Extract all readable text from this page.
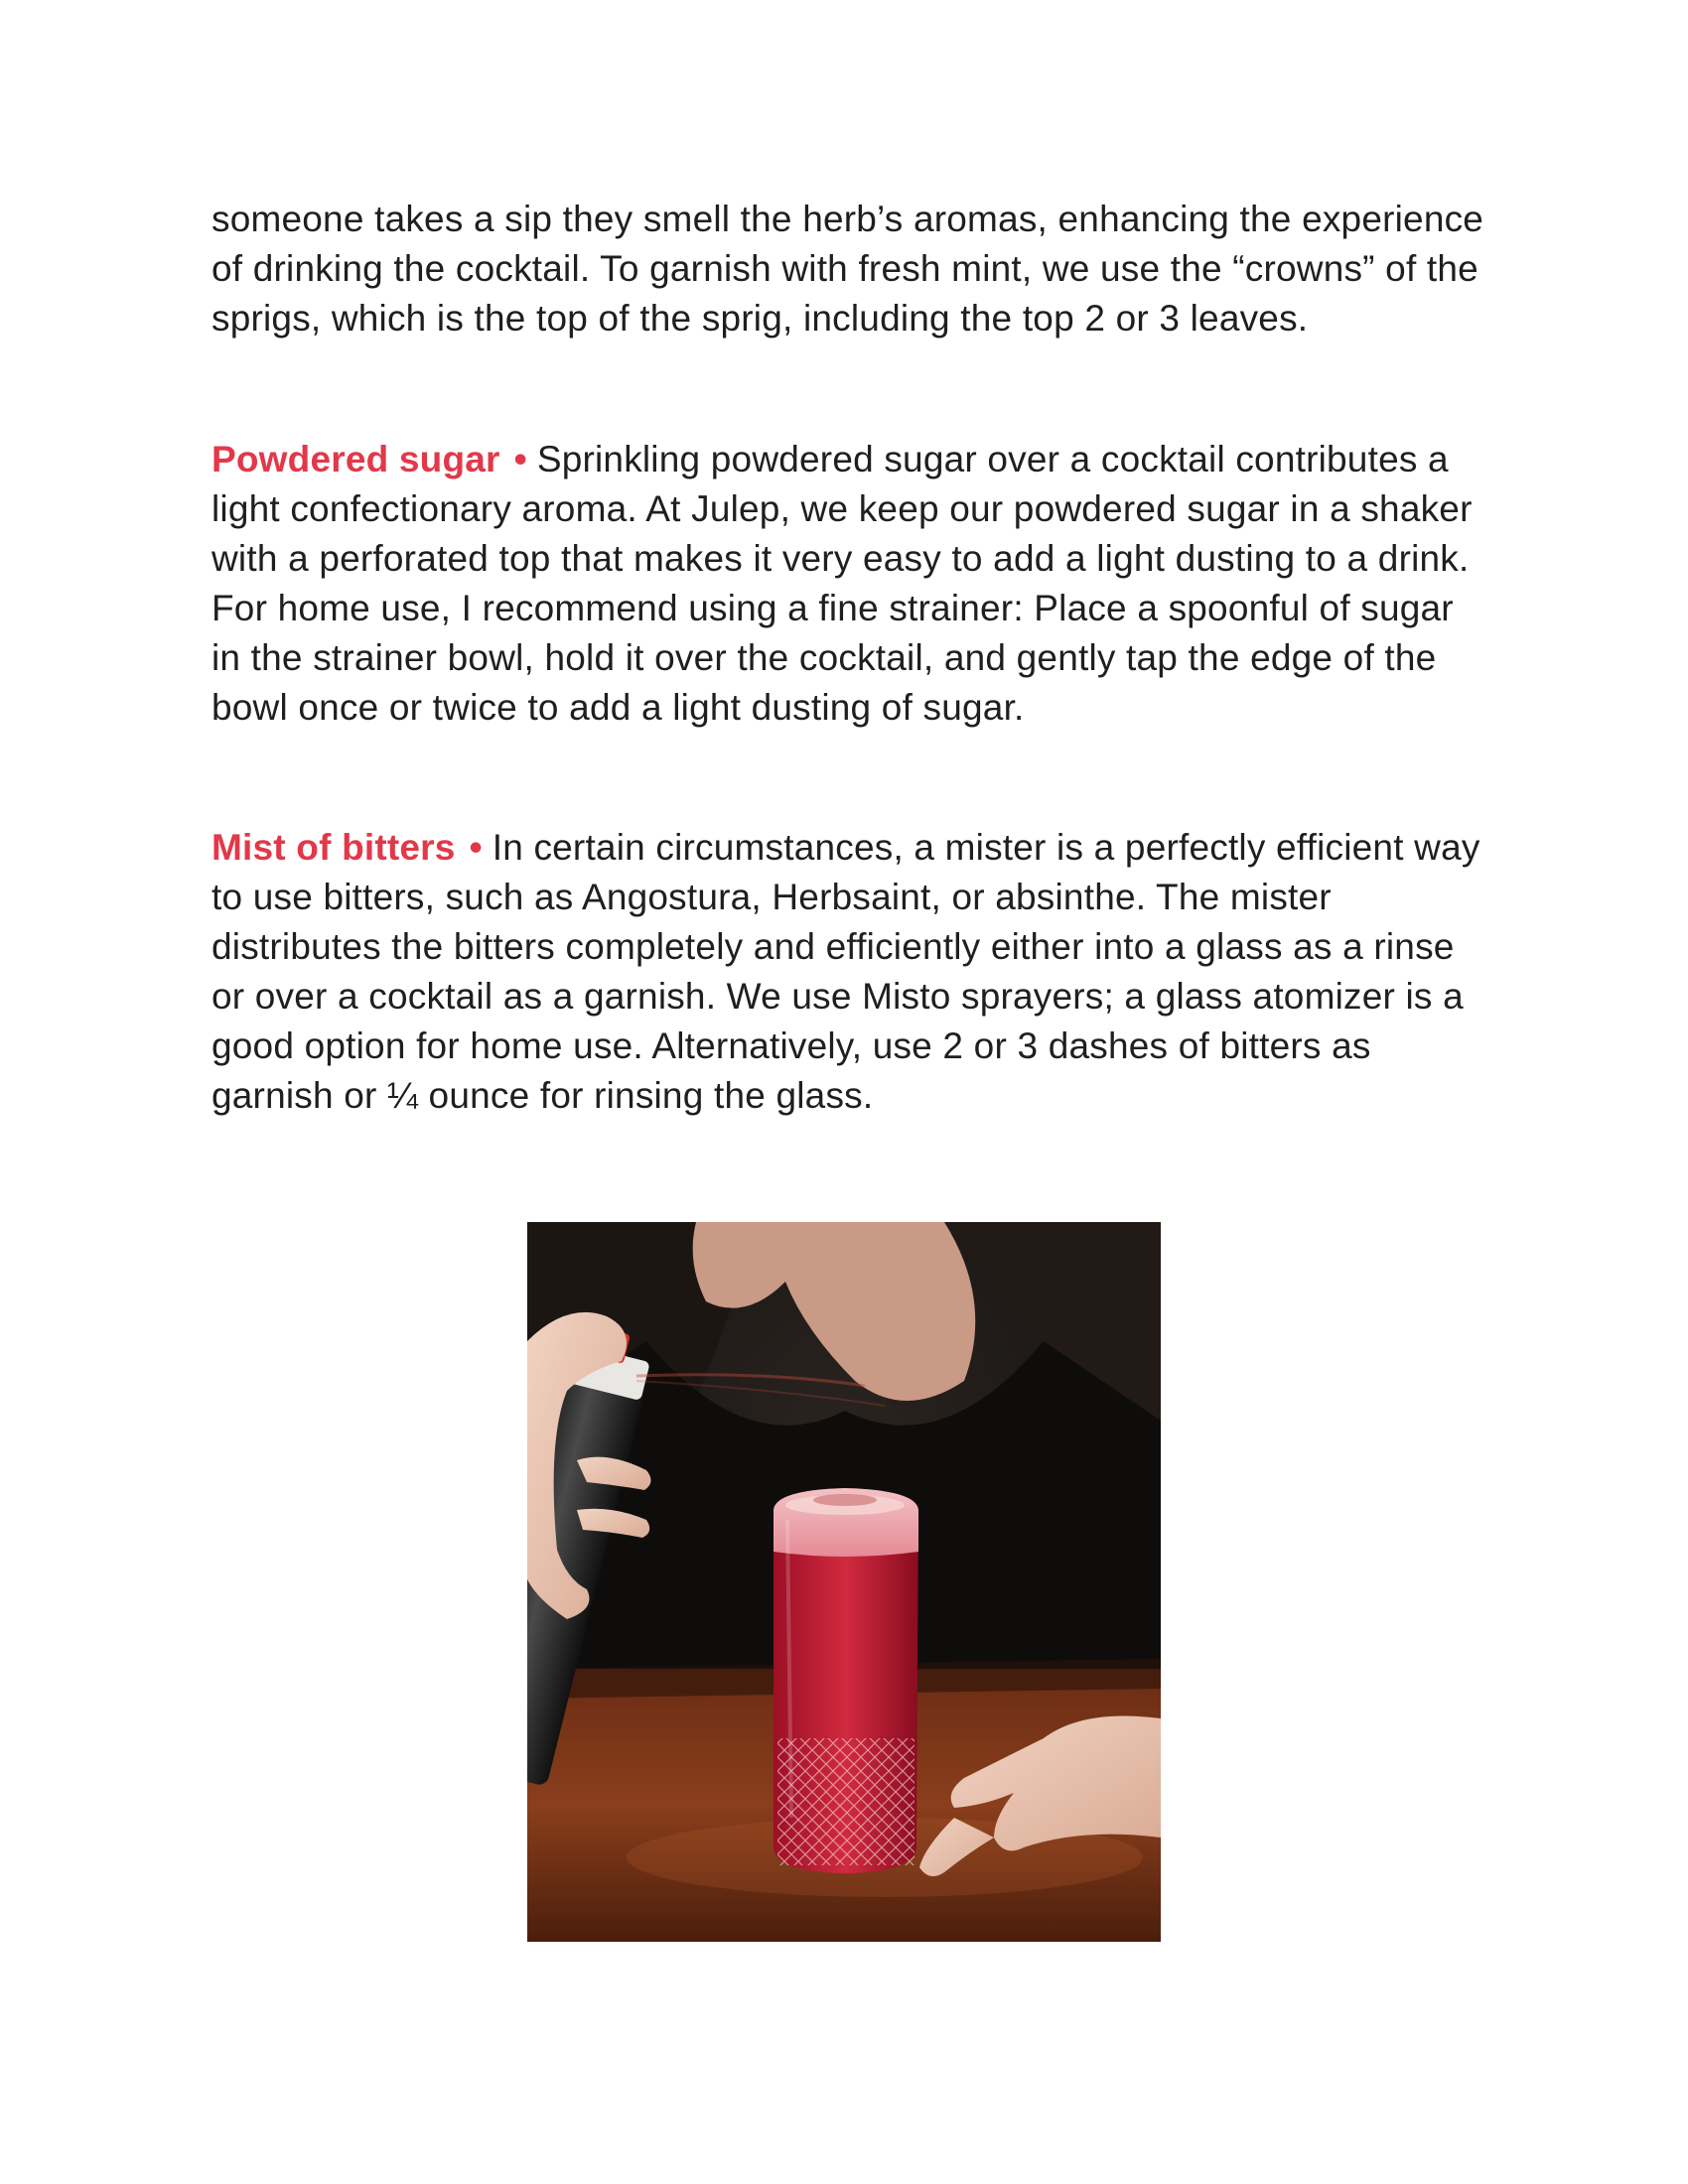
someone takes a sip they smell the herb’s aromas, enhancing the experience of drinking the cocktail. To garnish with fresh mint, we use the “crowns” of the sprigs, which is the top of the sprig, including the top 2 or 3 leaves.

Powdered sugar • Sprinkling powdered sugar over a cocktail contributes a light confectionary aroma. At Julep, we keep our powdered sugar in a shaker with a perforated top that makes it very easy to add a light dusting to a drink. For home use, I recommend using a fine strainer: Place a spoonful of sugar in the strainer bowl, hold it over the cocktail, and gently tap the edge of the bowl once or twice to add a light dusting of sugar.

Mist of bitters • In certain circumstances, a mister is a perfectly efficient way to use bitters, such as Angostura, Herbsaint, or absinthe. The mister distributes the bitters completely and efficiently either into a glass as a rinse or over a cocktail as a garnish. We use Misto sprayers; a glass atomizer is a good option for home use. Alternatively, use 2 or 3 dashes of bitters as garnish or ¼ ounce for rinsing the glass.
